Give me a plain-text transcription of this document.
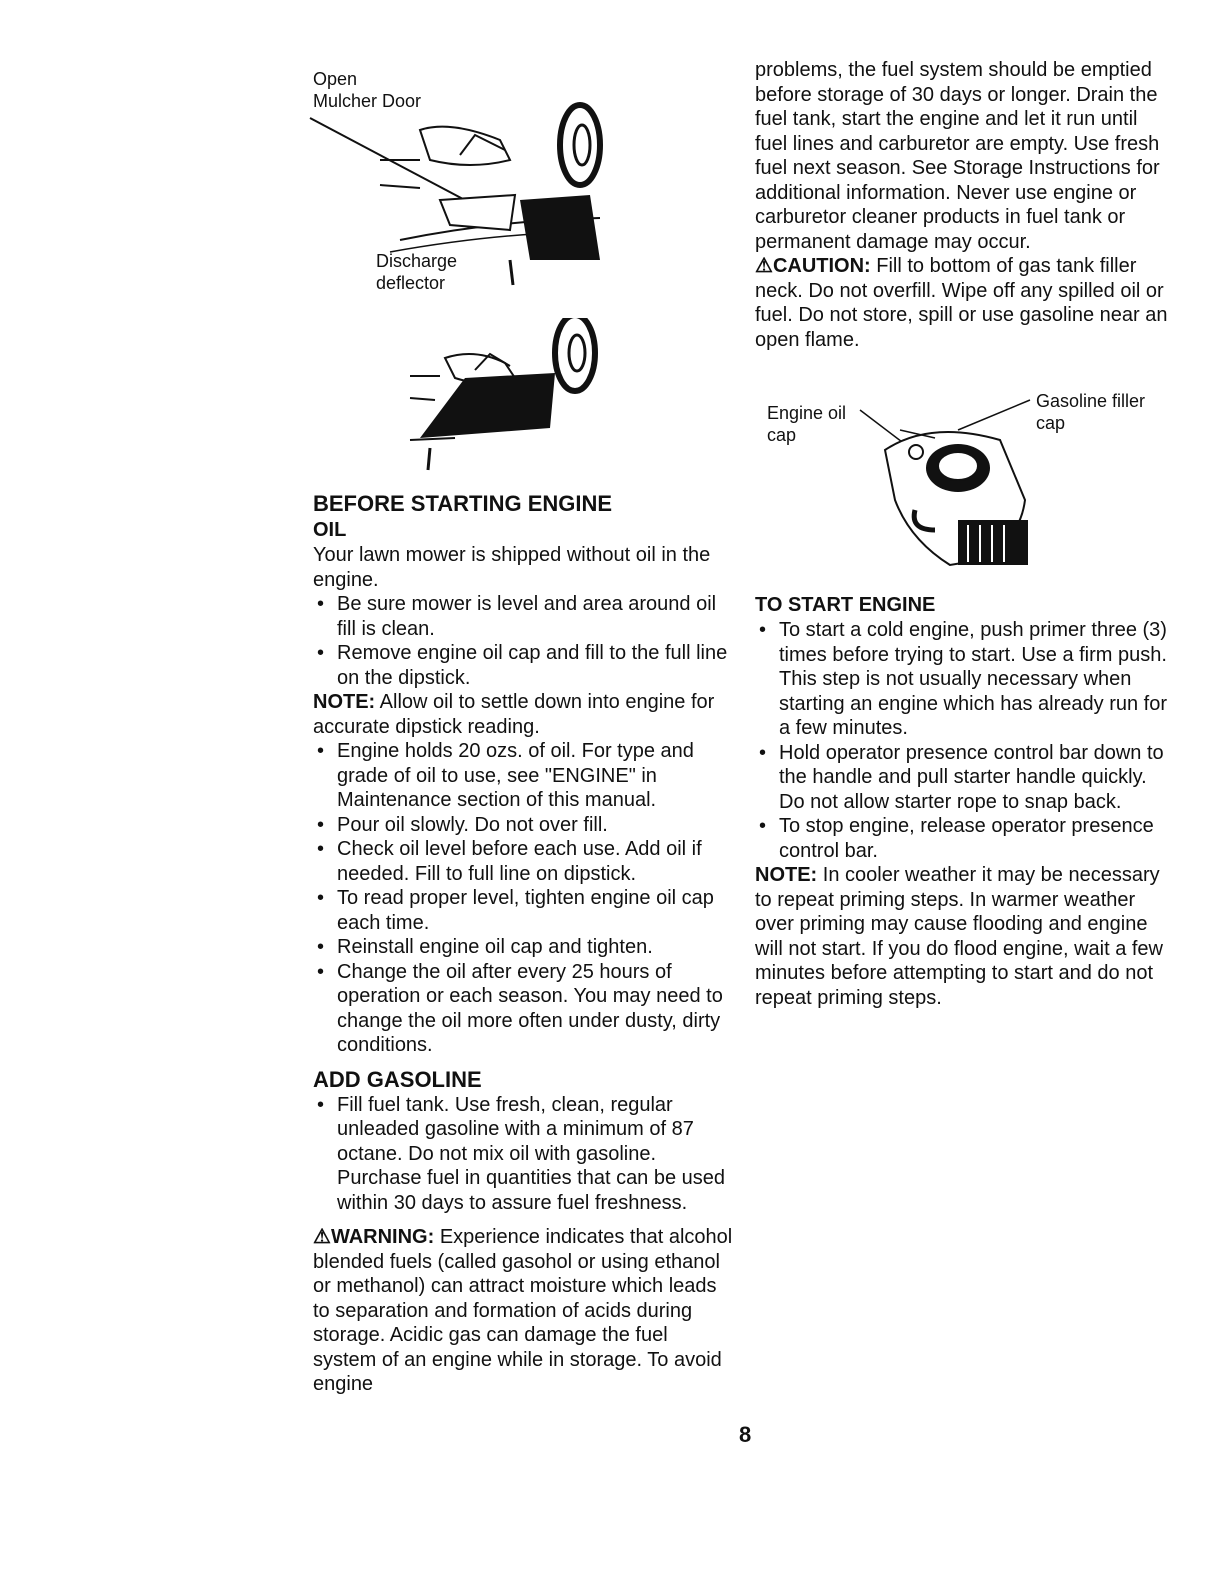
Open
Mulcher Door
Discharge
deflector

BEFORE STARTING ENGINE

OIL

Your lawn mower is shipped without oil in the engine.

• Be sure mower is level and area around oil fill is clean.
• Remove engine oil cap and fill to the full line on the dipstick.

NOTE: Allow oil to settle down into engine for accurate dipstick reading.

• Engine holds 20 ozs. of oil. For type and grade of oil to use, see "ENGINE" in Maintenance section of this manual.
• Pour oil slowly. Do not over fill.
• Check oil level before each use. Add oil if needed. Fill to full line on dipstick.
• To read proper level, tighten engine oil cap each time.
• Reinstall engine oil cap and tighten.
• Change the oil after every 25 hours of operation or each season. You may need to change the oil more often under dusty, dirty conditions.

ADD GASOLINE

• Fill fuel tank. Use fresh, clean, regular unleaded gasoline with a minimum of 87 octane. Do not mix oil with gasoline. Purchase fuel in quantities that can be used within 30 days to assure fuel freshness.

⚠WARNING: Experience indicates that alcohol blended fuels (called gasohol or using ethanol or methanol) can attract moisture which leads to separation and formation of acids during storage. Acidic gas can damage the fuel system of an engine while in storage. To avoid engine

problems, the fuel system should be emptied before storage of 30 days or longer. Drain the fuel tank, start the engine and let it run until fuel lines and carburetor are empty. Use fresh fuel next season. See Storage Instructions for additional information. Never use engine or carburetor cleaner products in fuel tank or permanent damage may occur.

⚠CAUTION: Fill to bottom of gas tank filler neck. Do not overfill. Wipe off any spilled oil or fuel. Do not store, spill or use gasoline near an open flame.

Engine oil
cap
Gasoline filler
cap

TO START ENGINE

• To start a cold engine, push primer three (3) times before trying to start. Use a firm push. This step is not usually necessary when starting an engine which has already run for a few minutes.
• Hold operator presence control bar down to the handle and pull starter handle quickly. Do not allow starter rope to snap back.
• To stop engine, release operator presence control bar.

NOTE: In cooler weather it may be necessary to repeat priming steps. In warmer weather over priming may cause flooding and engine will not start. If you do flood engine, wait a few minutes before attempting to start and do not repeat priming steps.

8
